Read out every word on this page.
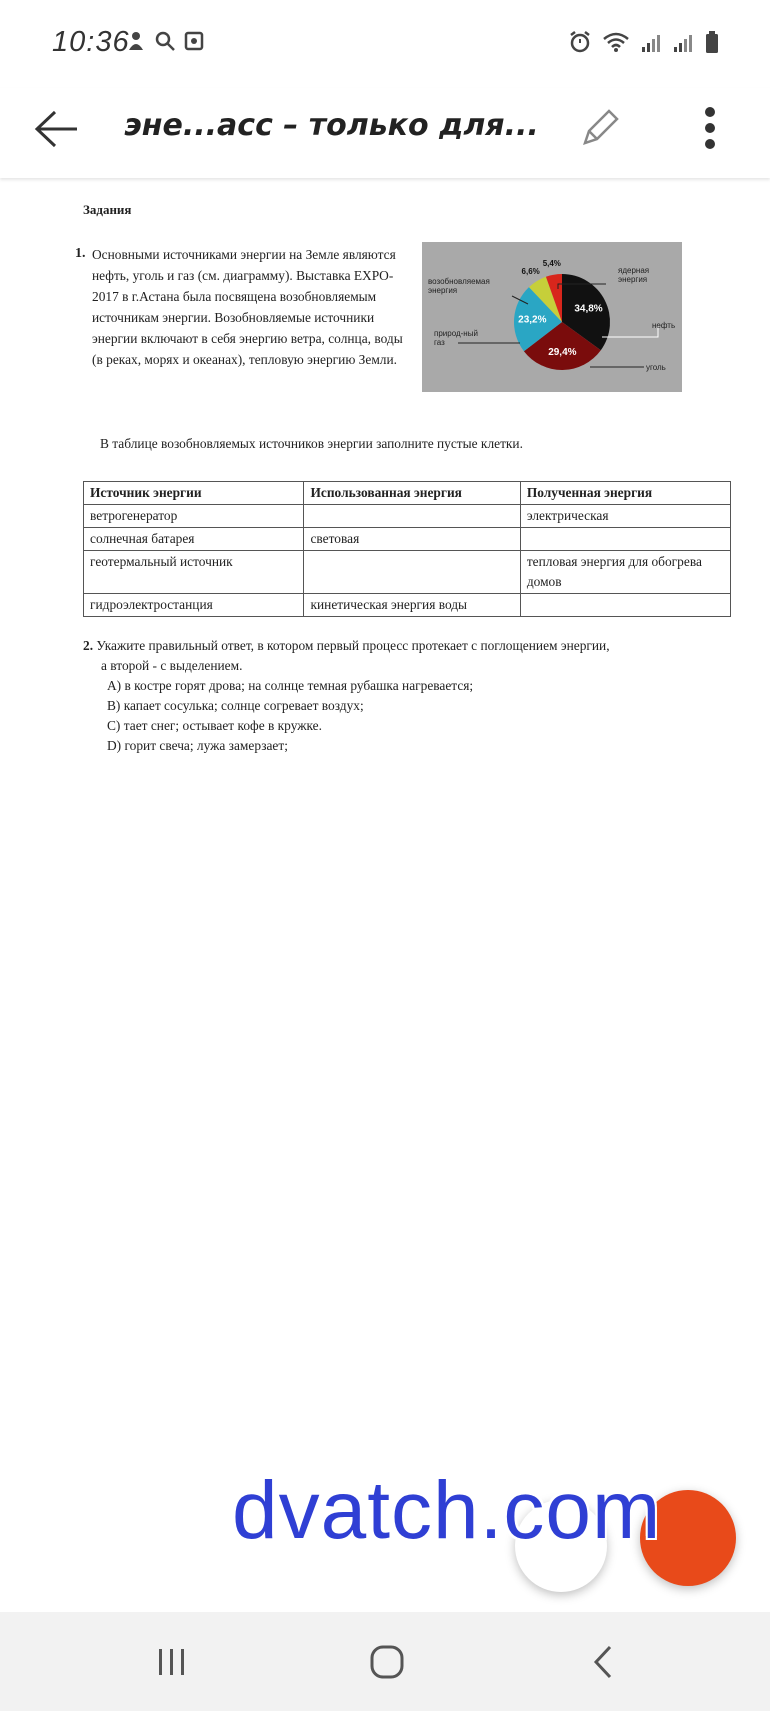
10:36
эне...асс – только для...
Задания
1. Основными источниками энергии на Земле являются нефть, уголь и газ (см. диаграмму). Выставка EXPO-2017 в г.Астана была посвящена возобновляемым источникам энергии. Возобновляемые источники энергии включают в себя энергию ветра, солнца, воды (в реках, морях и океанах), тепловую энергию Земли.
34,8%
29,4%
23,2%
6,6%
5,4%
нефть
уголь
природ-ный
газ
возобновляемая
энергия
ядерная
энергия
В таблице возобновляемых источников энергии заполните пустые клетки.
Источник энергии	Использованная энергия	Полученная энергия
ветрогенератор		электрическая
солнечная батарея	световая	
геотермальный источник		тепловая энергия для обогрева домов
гидроэлектростанция	кинетическая энергия воды	
2. Укажите правильный ответ, в котором первый процесс протекает с поглощением энергии,
а второй - с выделением.
A) в костре горят дрова; на солнце темная рубашка нагревается;
B) капает сосулька; солнце согревает воздух;
C) тает снег; остывает кофе в кружке.
D) горит свеча; лужа замерзает;
dvatch.com
